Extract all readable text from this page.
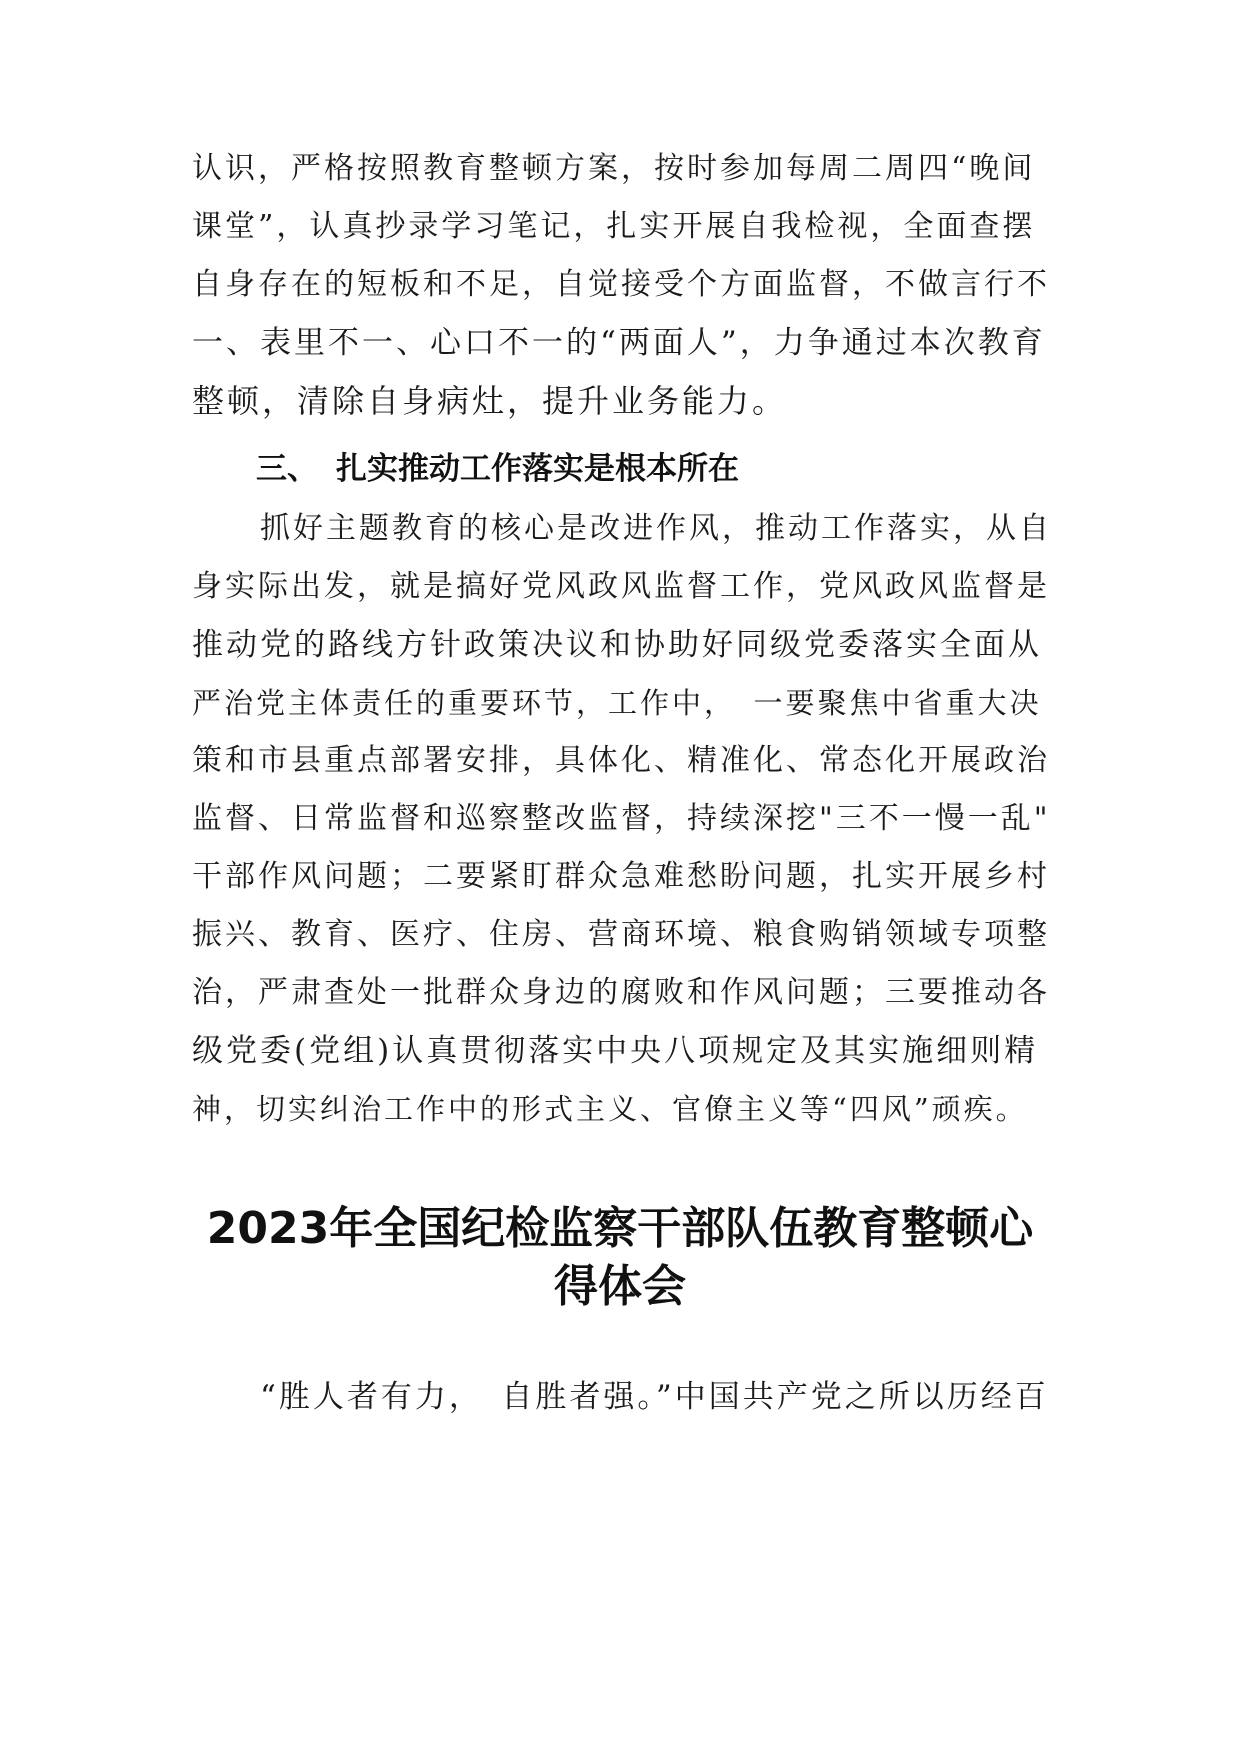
认识，严格按照教育整顿方案，按时参加每周二周四“晚间
课堂”，认真抄录学习笔记，扎实开展自我检视，全面查摆
自身存在的短板和不足，自觉接受个方面监督，不做言行不
一、表里不一、心口不一的“两面人”，力争通过本次教育
整顿，清除自身病灶，提升业务能力。
三、 扎实推动工作落实是根本所在
抓好主题教育的核心是改进作风，推动工作落实，从自
身实际出发，就是搞好党风政风监督工作，党风政风监督是
推动党的路线方针政策决议和协助好同级党委落实全面从
严治党主体责任的重要环节，工作中，　一要聚焦中省重大决
策和市县重点部署安排，具体化、精准化、常态化开展政治
监督、日常监督和巡察整改监督，持续深挖"三不一慢一乱"
干部作风问题；二要紧盯群众急难愁盼问题，扎实开展乡村
振兴、教育、医疗、住房、营商环境、粮食购销领域专项整
治，严肃查处一批群众身边的腐败和作风问题；三要推动各
级党委(党组)认真贯彻落实中央八项规定及其实施细则精
神，切实纠治工作中的形式主义、官僚主义等“四风”顽疾。
2023年全国纪检监察干部队伍教育整顿心
得体会
“胜人者有力，　自胜者强。”中国共产党之所以历经百
